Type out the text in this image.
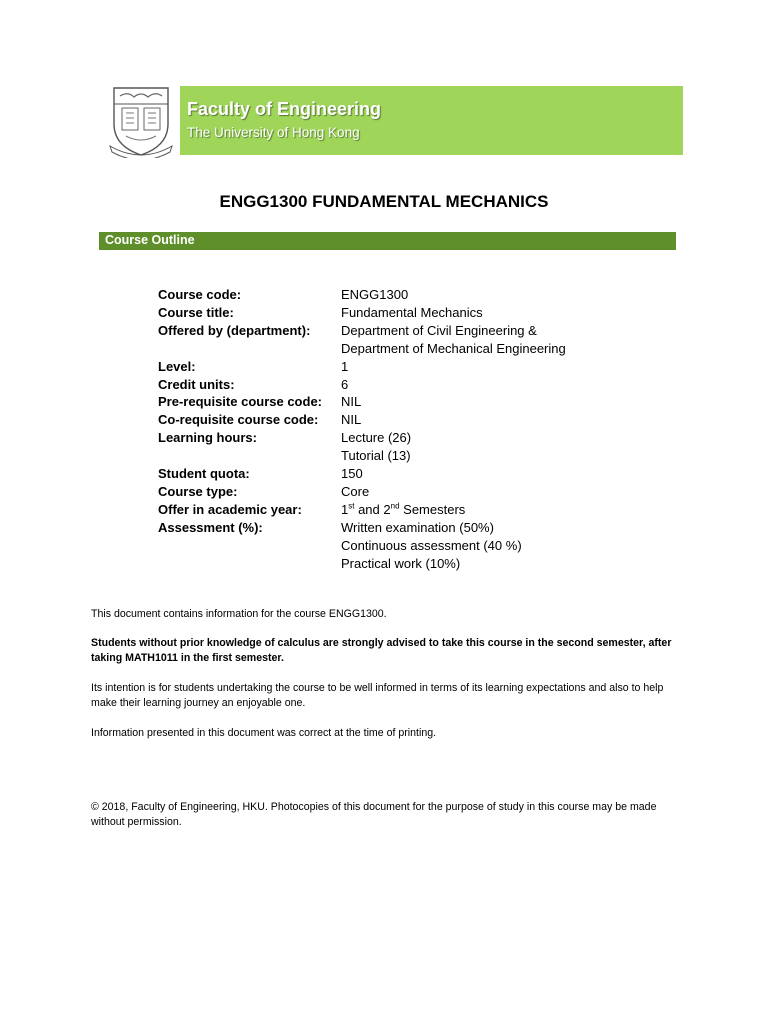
Faculty of Engineering
The University of Hong Kong
ENGG1300 FUNDAMENTAL MECHANICS
Course Outline
Course code:	ENGG1300
Course title:	Fundamental Mechanics
Offered by (department):	Department of Civil Engineering &
Department of Mechanical Engineering
Level:	1
Credit units:	6
Pre-requisite course code:	NIL
Co-requisite course code:	NIL
Learning hours:	Lecture (26)
Tutorial (13)
Student quota:	150
Course type:	Core
Offer in academic year:	1st and 2nd Semesters
Assessment (%):	Written examination (50%)
Continuous assessment (40 %)
Practical work (10%)
This document contains information for the course ENGG1300.
Students without prior knowledge of calculus are strongly advised to take this course in the second semester, after taking MATH1011 in the first semester.
Its intention is for students undertaking the course to be well informed in terms of its learning expectations and also to help make their learning journey an enjoyable one.
Information presented in this document was correct at the time of printing.
© 2018, Faculty of Engineering, HKU. Photocopies of this document for the purpose of study in this course may be made without permission.
